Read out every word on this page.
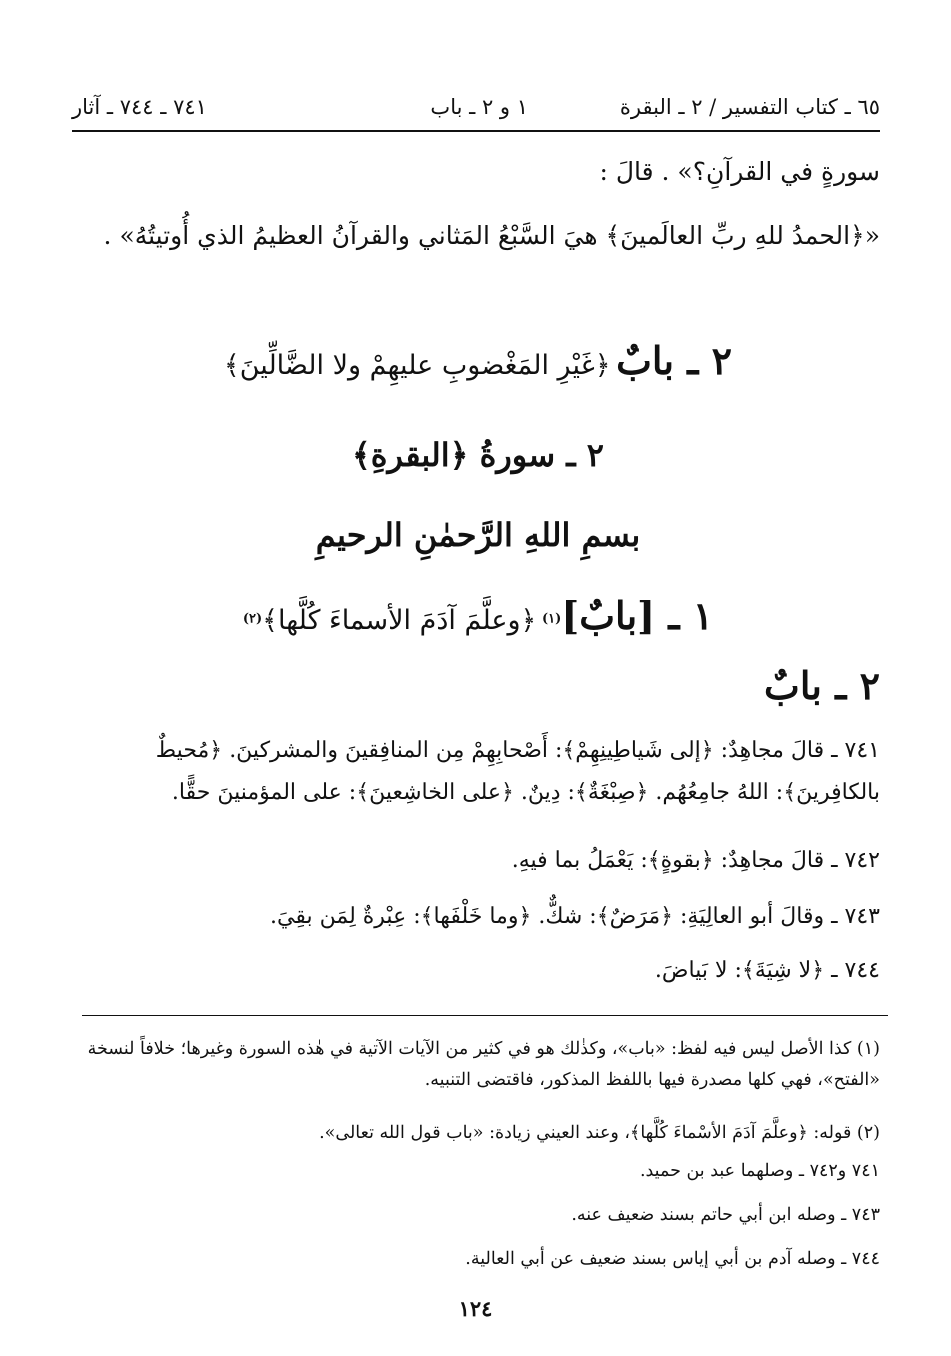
٦٥ ـ كتاب التفسير / ٢ ـ البقرة
١ و ٢ ـ باب
٧٤١ ـ ٧٤٤ ـ آثار
سورةٍ في القرآنِ؟» . قالَ :
«﴿الحمدُ للهِ ربِّ العالَمينَ﴾ هيَ السَّبْعُ المَثاني والقرآنُ العظيمُ الذي أُوتيتُهُ» .
٢ ـ بابٌ ﴿غَيْرِ المَغْضوبِ عليهِمْ ولا الضَّالِّينَ﴾
٢ ـ سورةُ ﴿البقرةِ﴾
بسمِ اللهِ الرَّحمٰنِ الرحيمِ
١ ـ [بابٌ]$^{(١)}$ ﴿وعلَّمَ آدَمَ الأسماءَ كُلَّها﴾$^{(٢)}$
٢ ـ بابٌ
٧٤١ ـ قالَ مجاهِدٌ: ﴿إلى شَياطِينِهِمْ﴾: أَصْحابِهِمْ مِن المنافِقينَ والمشركينَ. ﴿مُحيطٌ بالكافِرينَ﴾: اللهُ جامِعُهُم. ﴿صِبْغَةٌ﴾: دِينٌ. ﴿على الخاشِعينَ﴾: على المؤمنينَ حقًّا.
٧٤٢ ـ قالَ مجاهِدٌ: ﴿بقوةٍ﴾: يَعْمَلُ بما فيهِ.
٧٤٣ ـ وقالَ أبو العالِيَةِ: ﴿مَرَضٌ﴾: شكٌّ. ﴿وما خَلْفَها﴾: عِبْرةٌ لِمَن بقِيَ.
٧٤٤ ـ ﴿لا شِيَةَ﴾: لا بَياضَ.
(١) كذا الأصل ليس فيه لفظ: «باب»، وكذٰلك هو في كثير من الآيات الآتية في هٰذه السورة وغيرها؛ خلافاً لنسخة «الفتح»، فهي كلها مصدرة فيها باللفظ المذكور، فاقتضى التنبيه.
(٢) قوله: ﴿وعلَّمَ آدَمَ الأسْماءَ كُلَّها﴾، وعند العيني زيادة: «باب قول الله تعالى».
٧٤١ و٧٤٢ ـ وصلهما عبد بن حميد.
٧٤٣ ـ وصله ابن أبي حاتم بسند ضعيف عنه.
٧٤٤ ـ وصله آدم بن أبي إياس بسند ضعيف عن أبي العالية.
١٢٤
